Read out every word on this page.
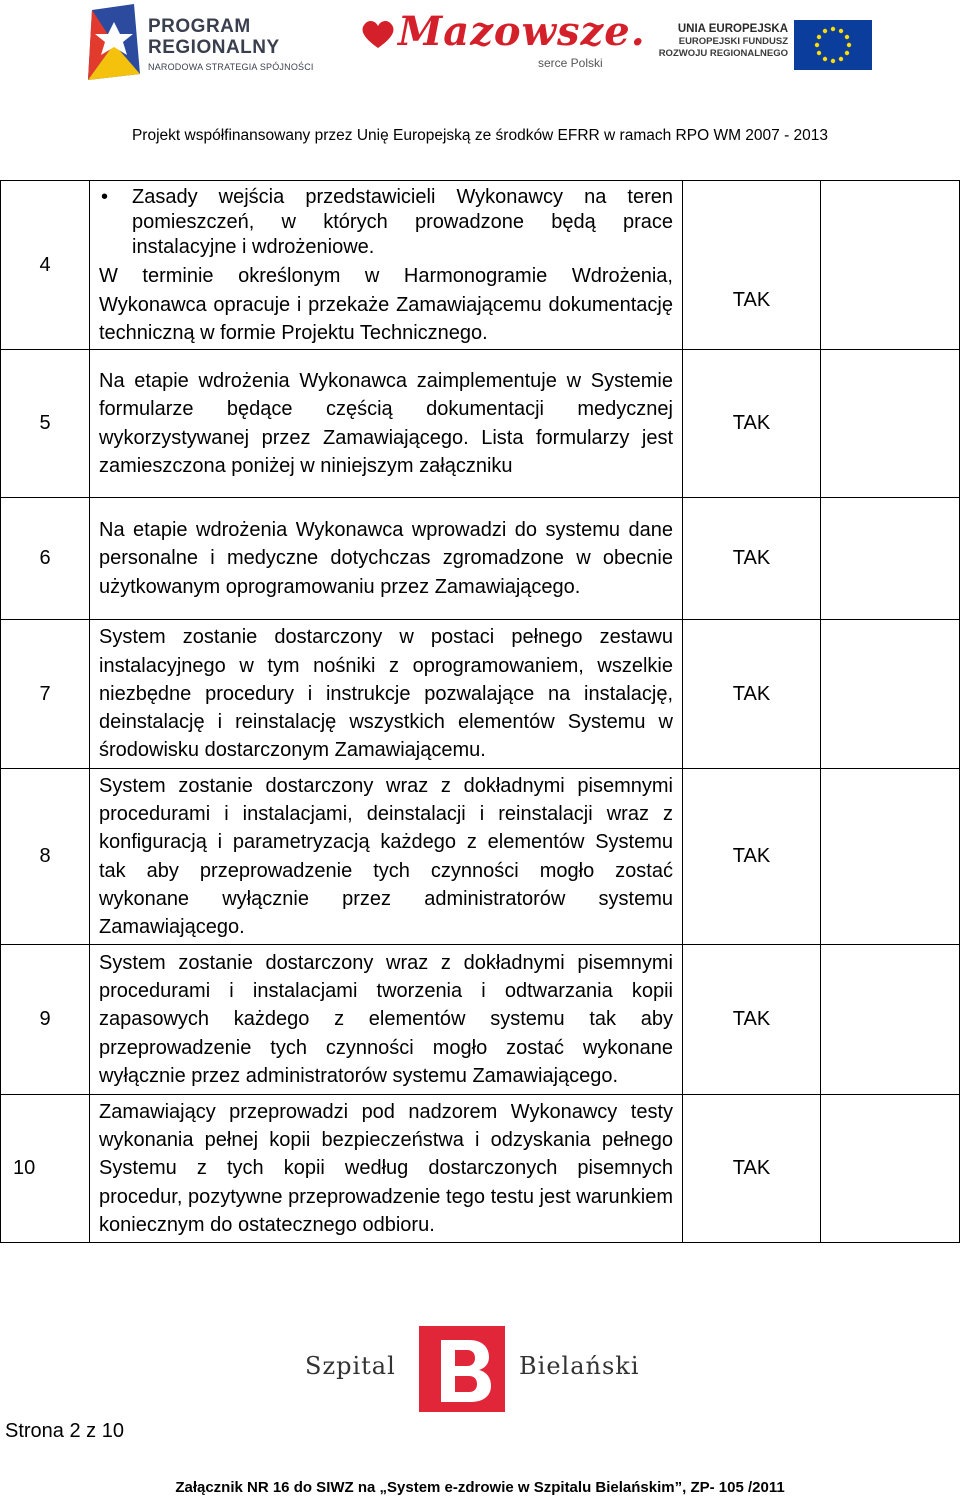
PROGRAM
REGIONALNY
NARODOWA STRATEGIA SPÓJNOŚCI
Mazowsze.
serce Polski
UNIA EUROPEJSKA
EUROPEJSKI FUNDUSZ
ROZWOJU REGIONALNEGO
Projekt współfinansowany przez Unię Europejską ze środków EFRR w ramach RPO WM 2007 - 2013
4	• Zasady wejścia przedstawicieli Wykonawcy na teren pomieszczeń, w których prowadzone będą prace instalacyjne i wdrożeniowe.
W terminie określonym w Harmonogramie Wdrożenia, Wykonawca opracuje i przekaże Zamawiającemu dokumentację techniczną w formie Projektu Technicznego.	TAK	
5	Na etapie wdrożenia Wykonawca zaimplementuje w Systemie formularze będące częścią dokumentacji medycznej wykorzystywanej przez Zamawiającego. Lista formularzy jest zamieszczona poniżej w niniejszym załączniku	TAK	
6	Na etapie wdrożenia Wykonawca wprowadzi do systemu dane personalne i medyczne dotychczas zgromadzone w obecnie użytkowanym oprogramowaniu przez Zamawiającego.	TAK	
7	System zostanie dostarczony w postaci pełnego zestawu instalacyjnego w tym nośniki z oprogramowaniem, wszelkie niezbędne procedury i instrukcje pozwalające na instalację, deinstalację i reinstalację wszystkich elementów Systemu w środowisku dostarczonym Zamawiającemu.	TAK	
8	System zostanie dostarczony wraz z dokładnymi pisemnymi procedurami i instalacjami, deinstalacji i reinstalacji wraz z konfiguracją i parametryzacją każdego z elementów Systemu tak aby przeprowadzenie tych czynności mogło zostać wykonane wyłącznie przez administratorów systemu Zamawiającego.	TAK	
9	System zostanie dostarczony wraz z dokładnymi pisemnymi procedurami i instalacjami tworzenia i odtwarzania kopii zapasowych każdego z elementów systemu tak aby przeprowadzenie tych czynności mogło zostać wykonane wyłącznie przez administratorów systemu Zamawiającego.	TAK	
10	Zamawiający przeprowadzi pod nadzorem Wykonawcy testy wykonania pełnej kopii bezpieczeństwa i odzyskania pełnego Systemu z tych kopii według dostarczonych pisemnych procedur, pozytywne przeprowadzenie tego testu jest warunkiem koniecznym do ostatecznego odbioru.	TAK	
Szpital	Bielański
Strona 2 z 10
Załącznik NR 16 do SIWZ na „System e-zdrowie w Szpitalu Bielańskim”, ZP- 105 /2011
